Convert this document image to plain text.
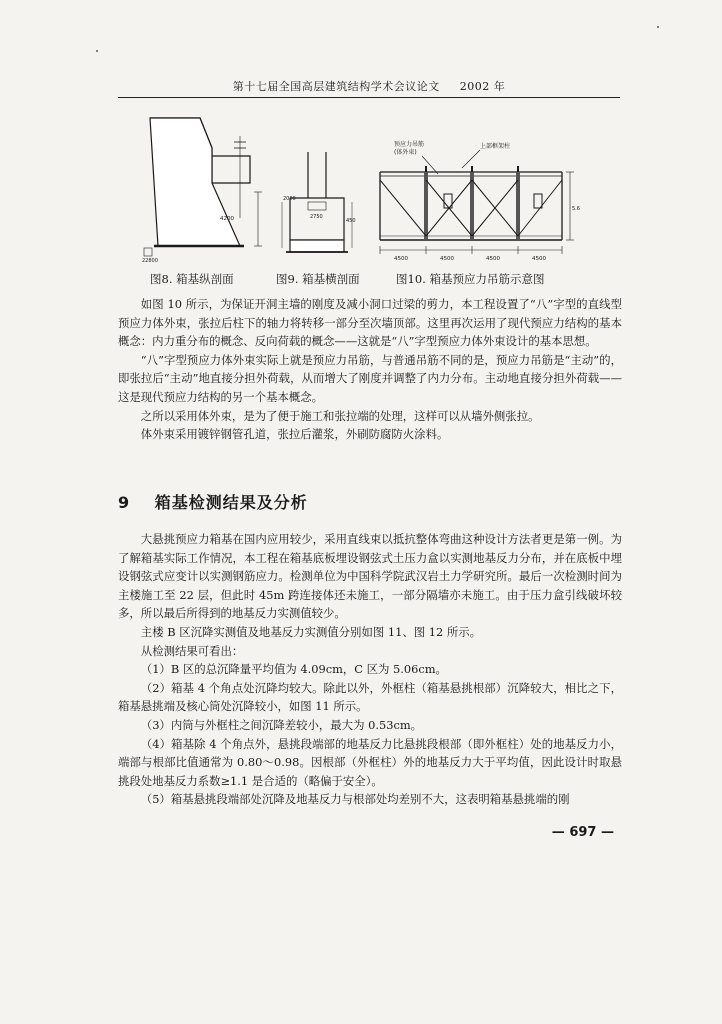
第十七届全国高层建筑结构学术会议论文 2002 年
4200
22800
2000
2750
450
预应力吊筋
(体外束)
上部框架柱
4500	4500	4500	4500
5.6
图8. 箱基纵剖面	图9. 箱基横剖面	图10. 箱基预应力吊筋示意图

如图 10 所示，为保证开洞主墙的刚度及减小洞口过梁的剪力，本工程设置了“八”字型的直线型预应力体外束，张拉后柱下的轴力将转移一部分至次墙顶部。这里再次运用了现代预应力结构的基本概念：内力重分布的概念、反向荷载的概念——这就是“八”字型预应力体外束设计的基本思想。

“八”字型预应力体外束实际上就是预应力吊筋，与普通吊筋不同的是，预应力吊筋是“主动”的，即张拉后“主动”地直接分担外荷载，从而增大了刚度并调整了内力分布。主动地直接分担外荷载——这是现代预应力结构的另一个基本概念。

之所以采用体外束，是为了便于施工和张拉端的处理，这样可以从墙外侧张拉。

体外束采用镀锌钢管孔道，张拉后灌浆，外刷防腐防火涂料。

9 箱基检测结果及分析

大悬挑预应力箱基在国内应用较少，采用直线束以抵抗整体弯曲这种设计方法者更是第一例。为了解箱基实际工作情况，本工程在箱基底板埋设钢弦式土压力盒以实测地基反力分布，并在底板中埋设钢弦式应变计以实测钢筋应力。检测单位为中国科学院武汉岩土力学研究所。最后一次检测时间为主楼施工至 22 层，但此时 45m 跨连接体还未施工，一部分隔墙亦未施工。由于压力盒引线破坏较多，所以最后所得到的地基反力实测值较少。

主楼 B 区沉降实测值及地基反力实测值分别如图 11、图 12 所示。

从检测结果可看出：

（1）B 区的总沉降量平均值为 4.09cm，C 区为 5.06cm。

（2）箱基 4 个角点处沉降均较大。除此以外，外框柱（箱基悬挑根部）沉降较大，相比之下，箱基悬挑端及核心筒处沉降较小，如图 11 所示。

（3）内筒与外框柱之间沉降差较小，最大为 0.53cm。

（4）箱基除 4 个角点外，悬挑段端部的地基反力比悬挑段根部（即外框柱）处的地基反力小，端部与根部比值通常为 0.80～0.98。因根部（外框柱）外的地基反力大于平均值，因此设计时取悬挑段处地基反力系数≥1.1 是合适的（略偏于安全）。

（5）箱基悬挑段端部处沉降及地基反力与根部处均差别不大，这表明箱基悬挑端的刚

— 697 —
